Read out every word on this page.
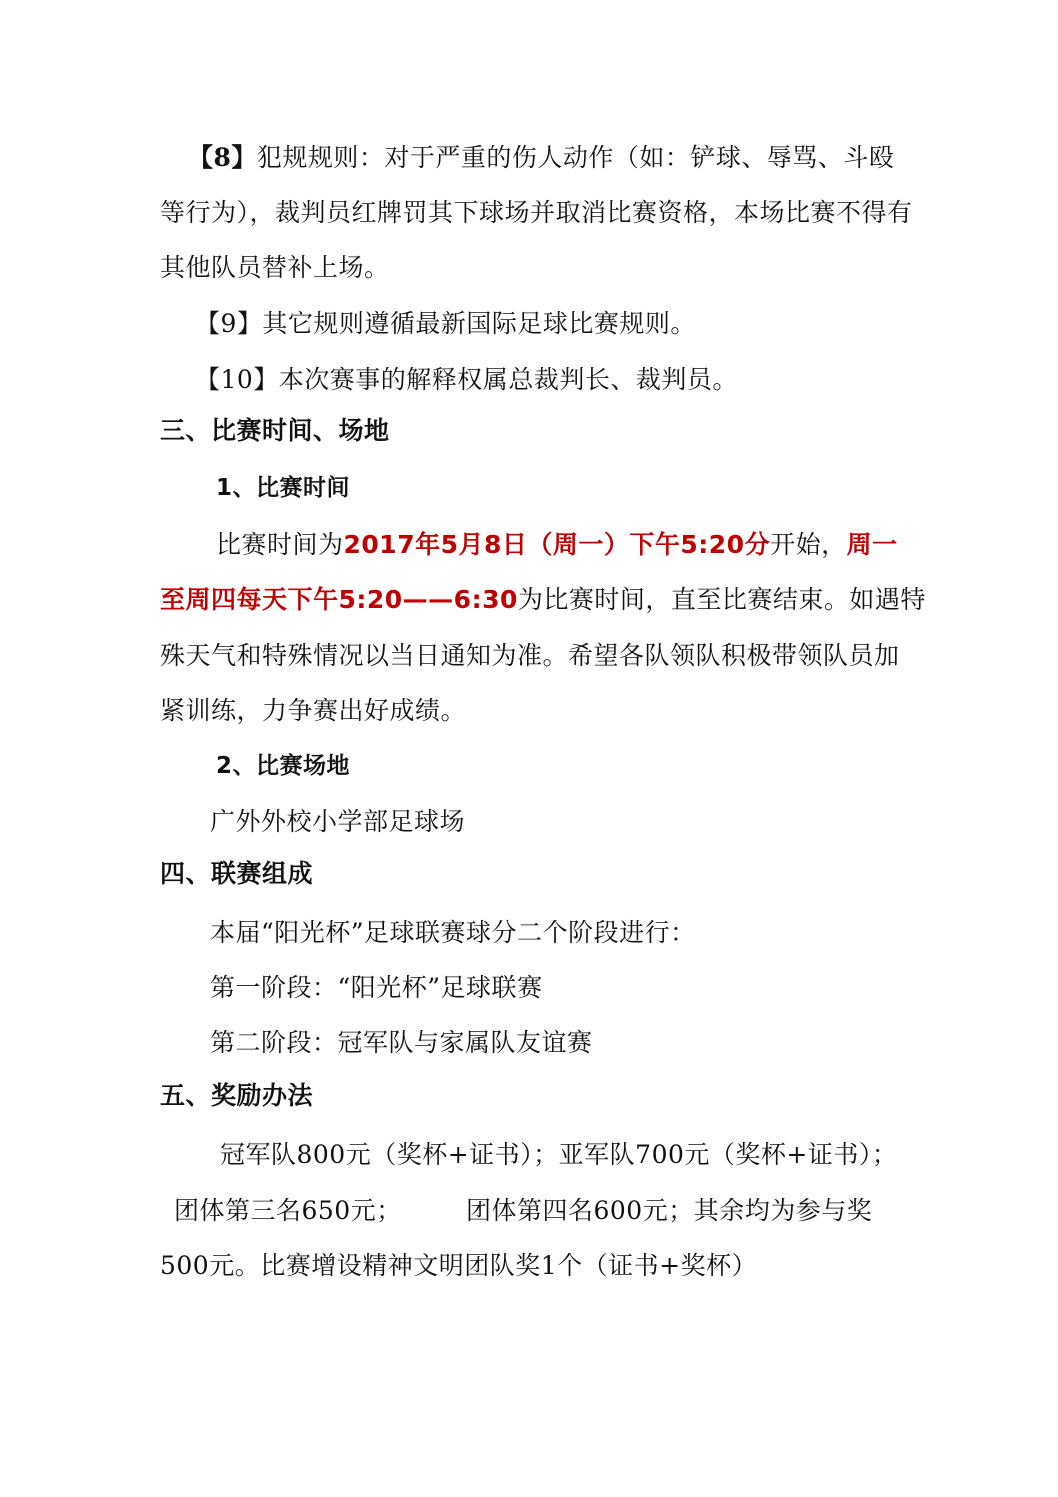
【8】犯规规则：对于严重的伤人动作（如：铲球、辱骂、斗殴
等行为），裁判员红牌罚其下球场并取消比赛资格，本场比赛不得有
其他队员替补上场。
【9】其它规则遵循最新国际足球比赛规则。
【10】本次赛事的解释权属总裁判长、裁判员。
三、比赛时间、场地
1、比赛时间
比赛时间为2017年5月8日（周一）下午5:20分开始，周一
至周四每天下午5:20——6:30为比赛时间，直至比赛结束。如遇特
殊天气和特殊情况以当日通知为准。希望各队领队积极带领队员加
紧训练，力争赛出好成绩。
2、比赛场地
广外外校小学部足球场
四、联赛组成
本届“阳光杯”足球联赛球分二个阶段进行：
第一阶段：“阳光杯”足球联赛
第二阶段：冠军队与家属队友谊赛
五、奖励办法
冠军队800元（奖杯+证书）；亚军队700元（奖杯+证书）；
团体第三名650元；	团体第四名600元；其余均为参与奖
500元。比赛增设精神文明团队奖1个（证书+奖杯）
